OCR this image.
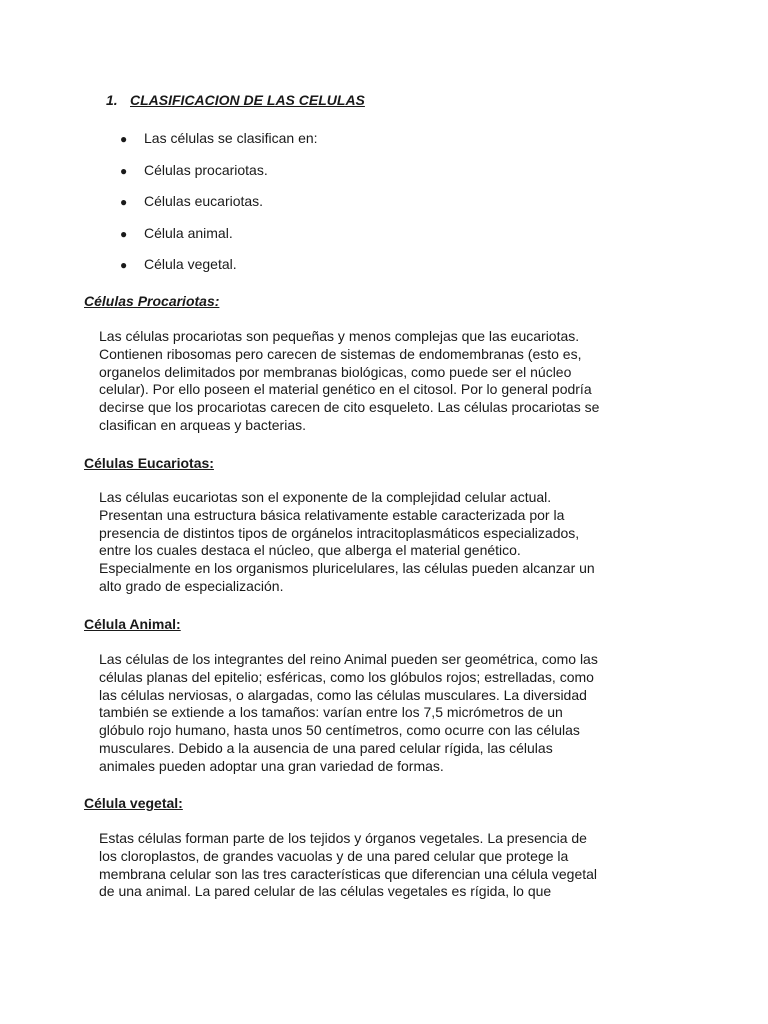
1. CLASIFICACION DE LAS CELULAS
● Las células se clasifican en:
● Células procariotas.
● Células eucariotas.
● Célula animal.
● Célula vegetal.
Células Procariotas:

Las células procariotas son pequeñas y menos complejas que las eucariotas.
Contienen ribosomas pero carecen de sistemas de endomembranas (esto es,
organelos delimitados por membranas biológicas, como puede ser el núcleo
celular). Por ello poseen el material genético en el citosol. Por lo general podría
decirse que los procariotas carecen de cito esqueleto. Las células procariotas se
clasifican en arqueas y bacterias.

Células Eucariotas:

Las células eucariotas son el exponente de la complejidad celular actual.
Presentan una estructura básica relativamente estable caracterizada por la
presencia de distintos tipos de orgánelos intracitoplasmáticos especializados,
entre los cuales destaca el núcleo, que alberga el material genético.
Especialmente en los organismos pluricelulares, las células pueden alcanzar un
alto grado de especialización.

Célula Animal:

Las células de los integrantes del reino Animal pueden ser geométrica, como las
células planas del epitelio; esféricas, como los glóbulos rojos; estrelladas, como
las células nerviosas, o alargadas, como las células musculares. La diversidad
también se extiende a los tamaños: varían entre los 7,5 micrómetros de un
glóbulo rojo humano, hasta unos 50 centímetros, como ocurre con las células
musculares. Debido a la ausencia de una pared celular rígida, las células
animales pueden adoptar una gran variedad de formas.

Célula vegetal:

Estas células forman parte de los tejidos y órganos vegetales. La presencia de
los cloroplastos, de grandes vacuolas y de una pared celular que protege la
membrana celular son las tres características que diferencian una célula vegetal
de una animal. La pared celular de las células vegetales es rígida, lo que
